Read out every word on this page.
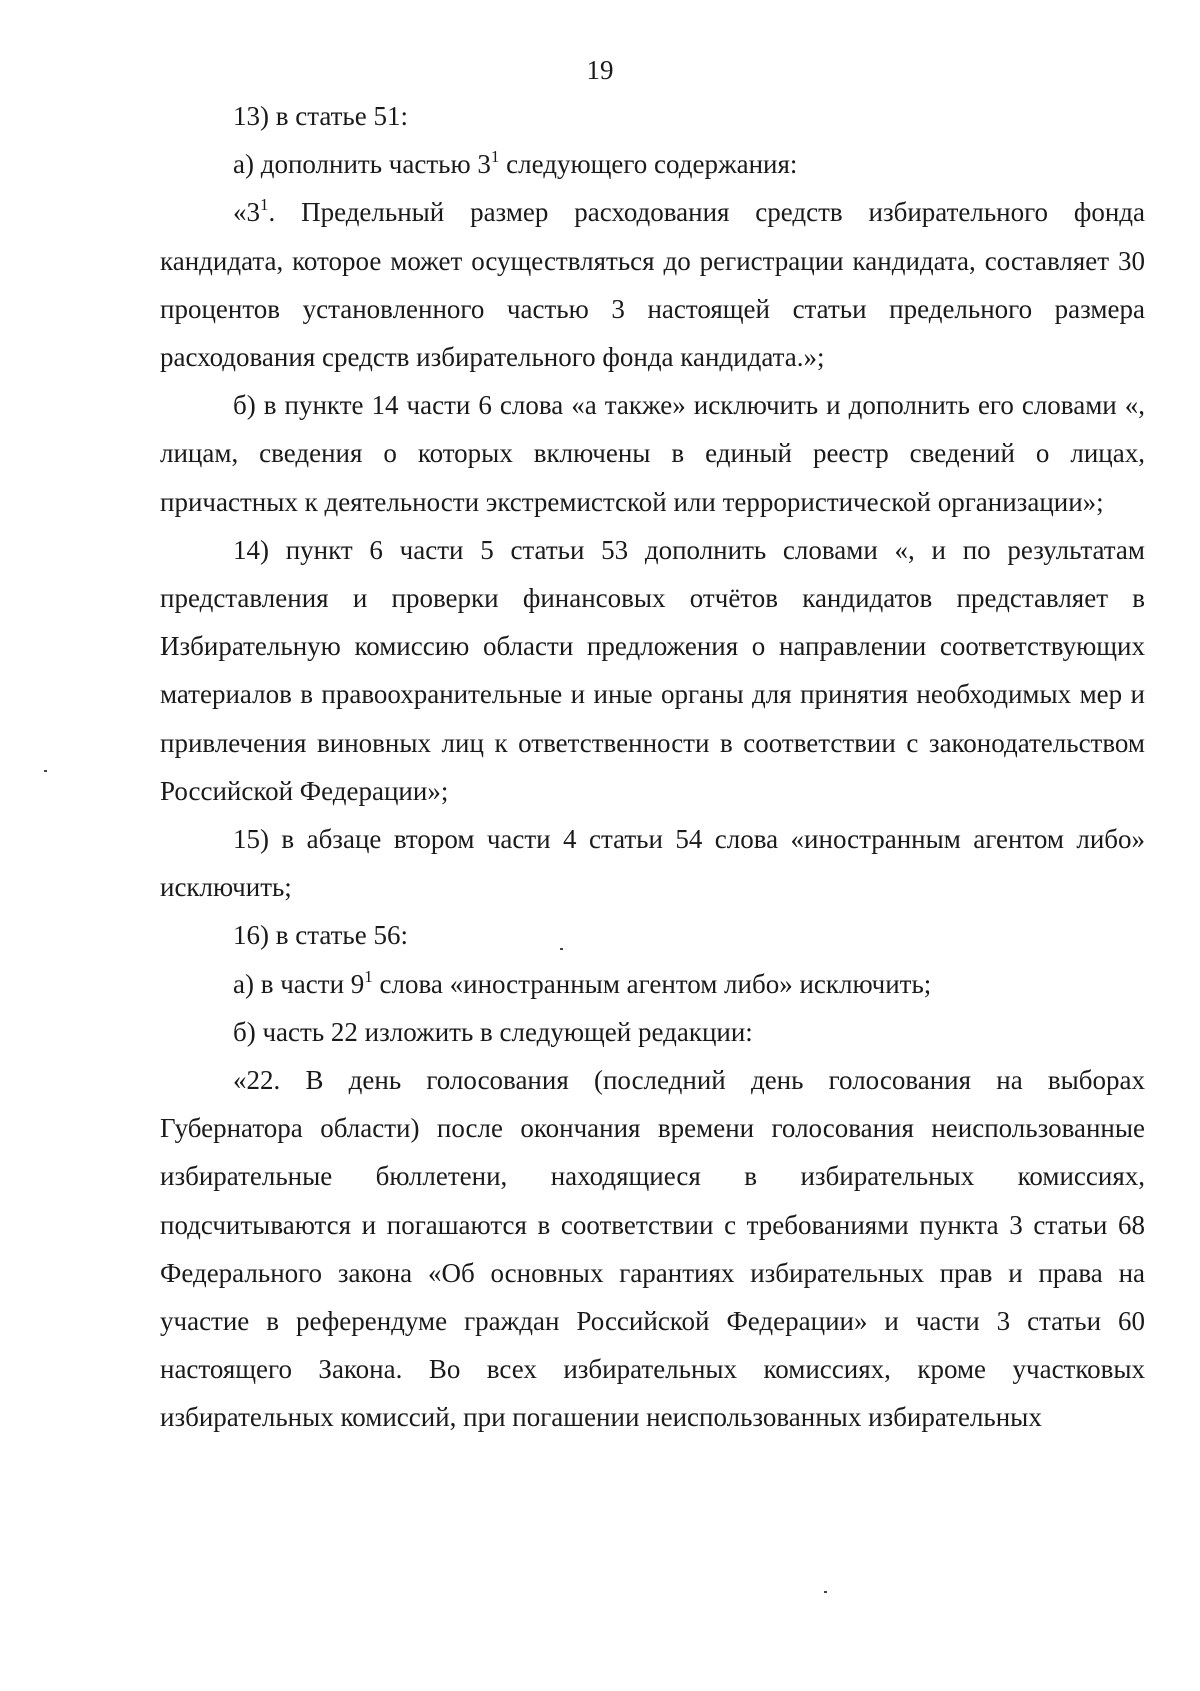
19

13) в статье 51:

а) дополнить частью $3^1$ следующего содержания:

«$3^1$. Предельный размер расходования средств избирательного фонда кандидата, которое может осуществляться до регистрации кандидата, составляет 30 процентов установленного частью 3 настоящей статьи предельного размера расходования средств избирательного фонда кандидата.»;

б) в пункте 14 части 6 слова «а также» исключить и дополнить его словами «, лицам, сведения о которых включены в единый реестр сведений о лицах, причастных к деятельности экстремистской или террористической организации»;

14) пункт 6 части 5 статьи 53 дополнить словами «, и по результатам представления и проверки финансовых отчётов кандидатов представляет в Избирательную комиссию области предложения о направлении соответствующих материалов в правоохранительные и иные органы для принятия необходимых мер и привлечения виновных лиц к ответственности в соответствии с законодательством Российской Федерации»;

15) в абзаце втором части 4 статьи 54 слова «иностранным агентом либо» исключить;

16) в статье 56:

а) в части $9^1$ слова «иностранным агентом либо» исключить;

б) часть 22 изложить в следующей редакции:

«22. В день голосования (последний день голосования на выборах Губернатора области) после окончания времени голосования неиспользованные избирательные бюллетени, находящиеся в избирательных комиссиях, подсчитываются и погашаются в соответствии с требованиями пункта 3 статьи 68 Федерального закона «Об основных гарантиях избирательных прав и права на участие в референдуме граждан Российской Федерации» и части 3 статьи 60 настоящего Закона. Во всех избирательных комиссиях, кроме участковых избирательных комиссий, при погашении неиспользованных избирательных
